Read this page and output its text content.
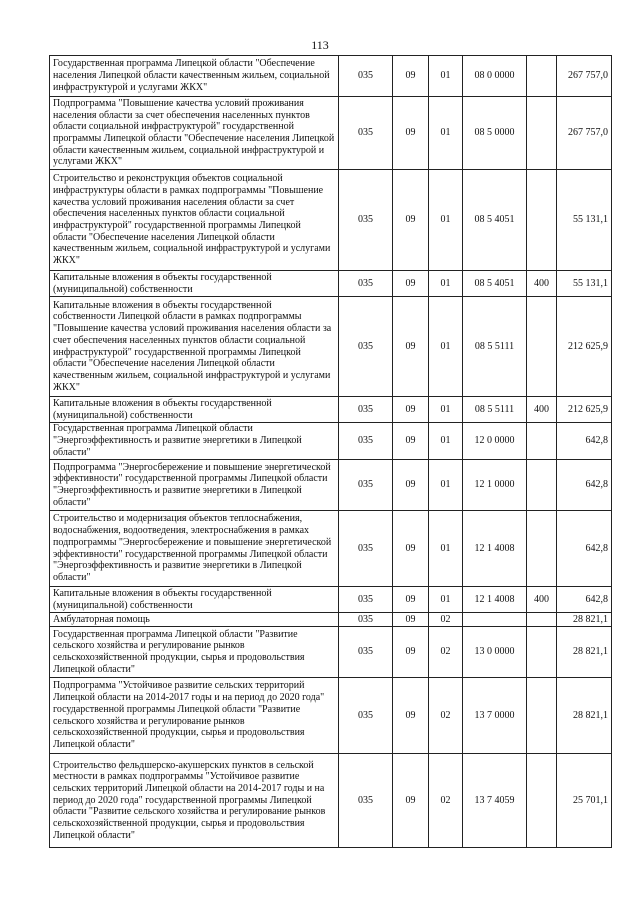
113
Государственная программа Липецкой области "Обеспечение населения Липецкой области качественным жильем, социальной инфраструктурой и услугами ЖКХ"	035	09	01	08 0 0000		267 757,0
Подпрограмма "Повышение качества условий проживания населения области за счет обеспечения населенных пунктов области социальной инфраструктурой" государственной программы Липецкой области "Обеспечение населения Липецкой области качественным жильем, социальной инфраструктурой и услугами ЖКХ"	035	09	01	08 5 0000		267 757,0
Строительство и реконструкция объектов социальной инфраструктуры области в рамках подпрограммы "Повышение качества условий проживания населения области за счет обеспечения населенных пунктов области социальной инфраструктурой" государственной программы Липецкой области "Обеспечение населения Липецкой области качественным жильем, социальной инфраструктурой и услугами ЖКХ"	035	09	01	08 5 4051		55 131,1
Капитальные вложения в объекты государственной (муниципальной) собственности	035	09	01	08 5 4051	400	55 131,1
Капитальные вложения в объекты государственной собственности Липецкой области в рамках подпрограммы "Повышение качества условий проживания населения области за счет обеспечения населенных пунктов области социальной инфраструктурой" государственной программы Липецкой области "Обеспечение населения Липецкой области качественным жильем, социальной инфраструктурой и услугами ЖКХ"	035	09	01	08 5 5111		212 625,9
Капитальные вложения в объекты государственной (муниципальной) собственности	035	09	01	08 5 5111	400	212 625,9
Государственная программа Липецкой области "Энергоэффективность и развитие энергетики в Липецкой области"	035	09	01	12 0 0000		642,8
Подпрограмма "Энергосбережение и повышение энергетической эффективности" государственной программы Липецкой области "Энергоэффективность и развитие энергетики в Липецкой области"	035	09	01	12 1 0000		642,8
Строительство и модернизация объектов теплоснабжения, водоснабжения, водоотведения, электроснабжения в рамках подпрограммы "Энергосбережение и повышение энергетической эффективности" государственной программы Липецкой области "Энергоэффективность и развитие энергетики в Липецкой области"	035	09	01	12 1 4008		642,8
Капитальные вложения в объекты государственной (муниципальной) собственности	035	09	01	12 1 4008	400	642,8
Амбулаторная помощь	035	09	02			28 821,1
Государственная программа Липецкой области "Развитие сельского хозяйства и регулирование рынков сельскохозяйственной продукции, сырья и продовольствия Липецкой области"	035	09	02	13 0 0000		28 821,1
Подпрограмма "Устойчивое развитие сельских территорий Липецкой области на 2014-2017 годы и на период до 2020 года" государственной программы Липецкой области "Развитие сельского хозяйства и регулирование рынков сельскохозяйственной продукции, сырья и продовольствия Липецкой области"	035	09	02	13 7 0000		28 821,1
Строительство фельдшерско-акушерских пунктов в сельской местности в рамках подпрограммы "Устойчивое развитие сельских территорий Липецкой области на 2014-2017 годы и на период до 2020 года" государственной программы Липецкой области "Развитие сельского хозяйства и регулирование рынков сельскохозяйственной продукции, сырья и продовольствия Липецкой области"	035	09	02	13 7 4059		25 701,1
